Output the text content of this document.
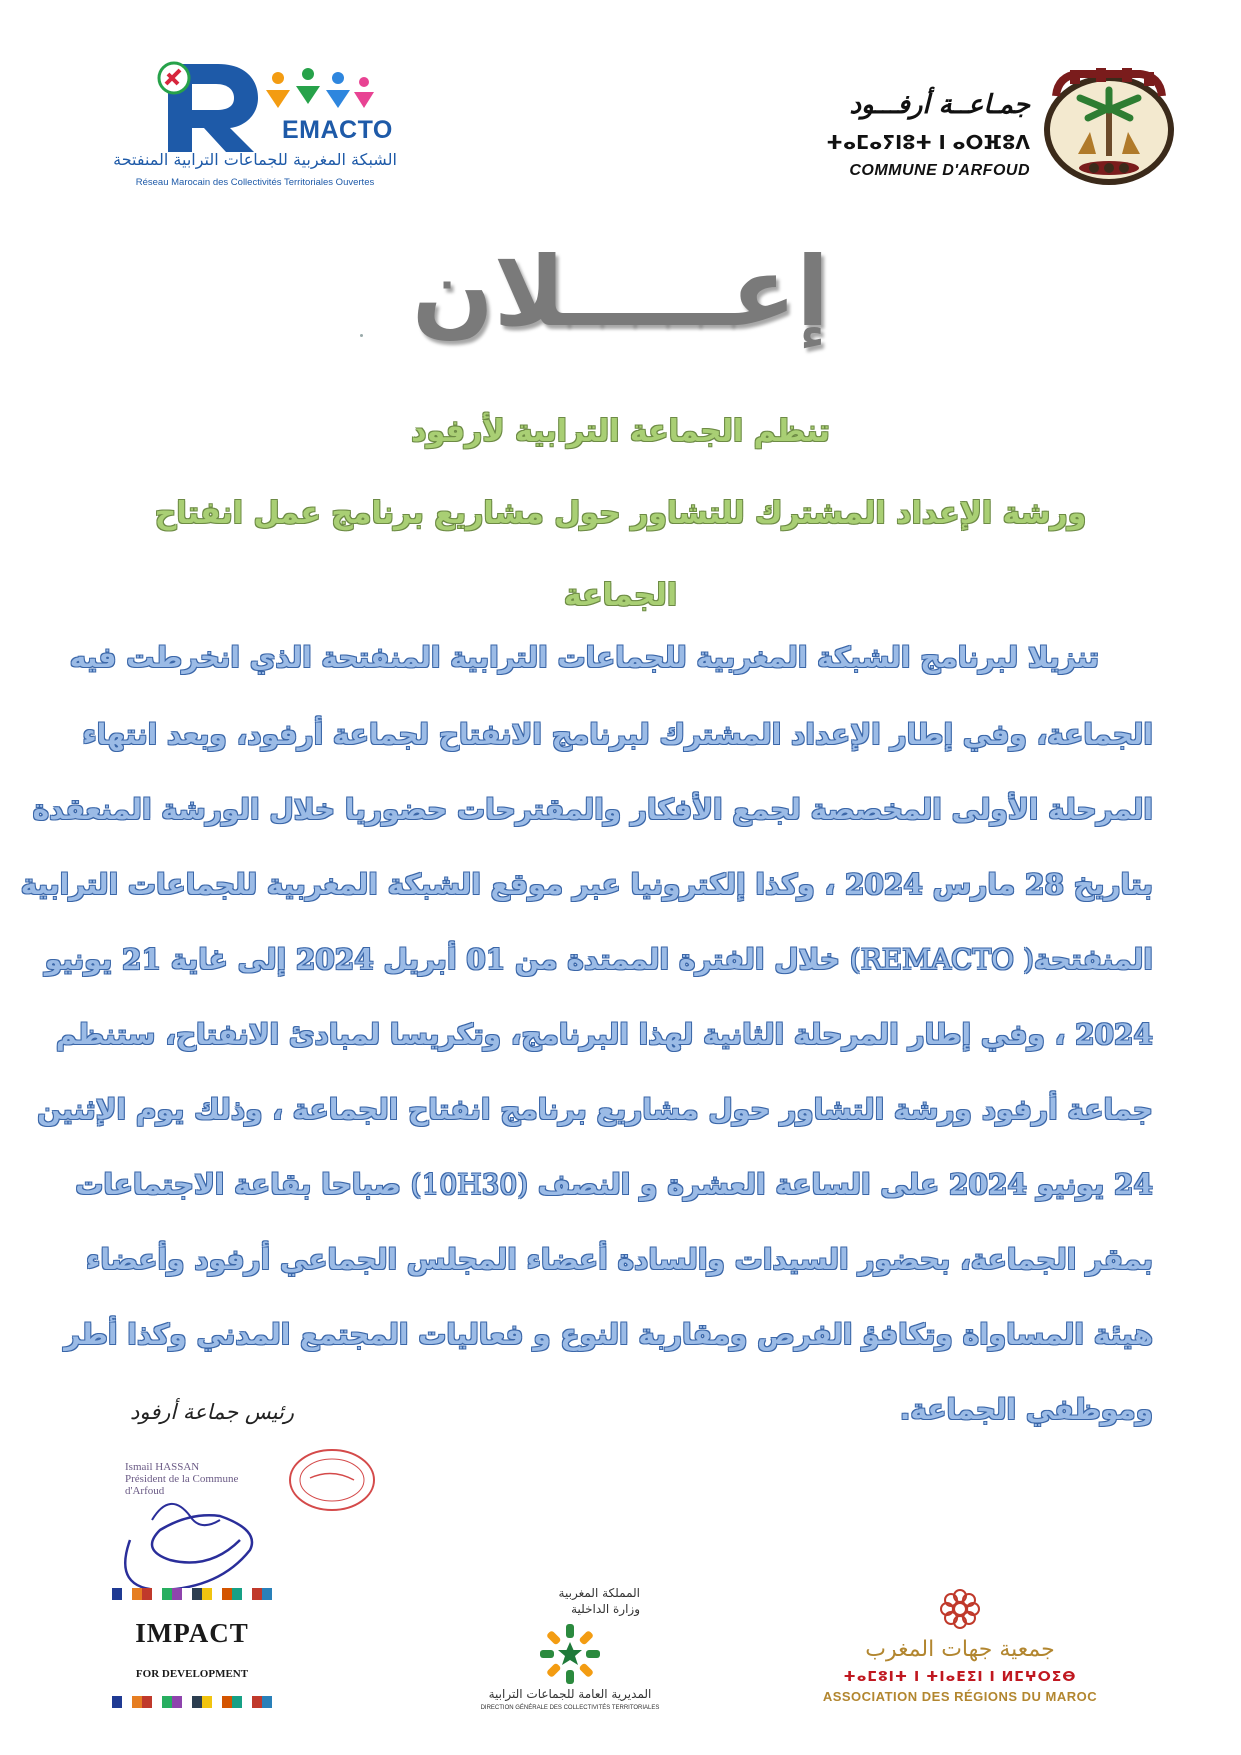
EMACTO
الشبكة المغربية للجماعات الترابية المنفتحة
Réseau Marocain des Collectivités Territoriales Ouvertes
جمـاعــة أرفـــود
ⵜⴰⵎⴰⵢⵏⵓⵜ ⵏ ⴰⵔⴼⵓⴷ
COMMUNE D'ARFOUD
إعـــــلان
تنظم الجماعة الترابية لأرفود
ورشة الإعداد المشترك للتشاور حول مشاريع برنامج عمل انفتاح
الجماعة
تنزيلا لبرنامج الشبكة المغربية للجماعات الترابية المنفتحة الذي انخرطت فيه
الجماعة، وفي إطار الإعداد المشترك لبرنامج الانفتاح لجماعة أرفود، وبعد انتهاء
المرحلة الأولى المخصصة لجمع الأفكار والمقترحات حضوريا خلال الورشة المنعقدة
بتاريخ 28 مارس 2024 ، وكذا إلكترونيا عبر موقع الشبكة المغربية للجماعات الترابية
المنفتحة(REMACTO ) خلال الفترة الممتدة من 01 أبريل 2024 إلى غاية 21 يونيو
2024 ، وفي إطار المرحلة الثانية لهذا البرنامج، وتكريسا لمبادئ الانفتاح، ستنظم
جماعة أرفود ورشة التشاور حول مشاريع برنامج انفتاح الجماعة ، وذلك يوم الإثنين
24 يونيو 2024 على الساعة العشرة و النصف (10H30) صباحا بقاعة الاجتماعات
بمقر الجماعة، بحضور السيدات والسادة أعضاء المجلس الجماعي أرفود وأعضاء
هيئة المساواة وتكافؤ الفرص ومقاربة النوع و فعاليات المجتمع المدني وكذا أطر
وموظفي الجماعة.
رئيس جماعة أرفود
Ismail HASSAN
Président de la Commune
d'Arfoud
IMPACT
FOR DEVELOPMENT
المملكة المغربية
وزارة الداخلية
المديرية العامة للجماعات الترابية
DIRECTION GÉNÉRALE DES COLLECTIVITÉS TERRITORIALES
جمعية جهات المغرب
ⵜⴰⵎⵓⵏⵜ ⵏ ⵜⵏⴰⴹⵉⵏ ⵏ ⵍⵎⵖⵔⵉⴱ
ASSOCIATION DES RÉGIONS DU MAROC
